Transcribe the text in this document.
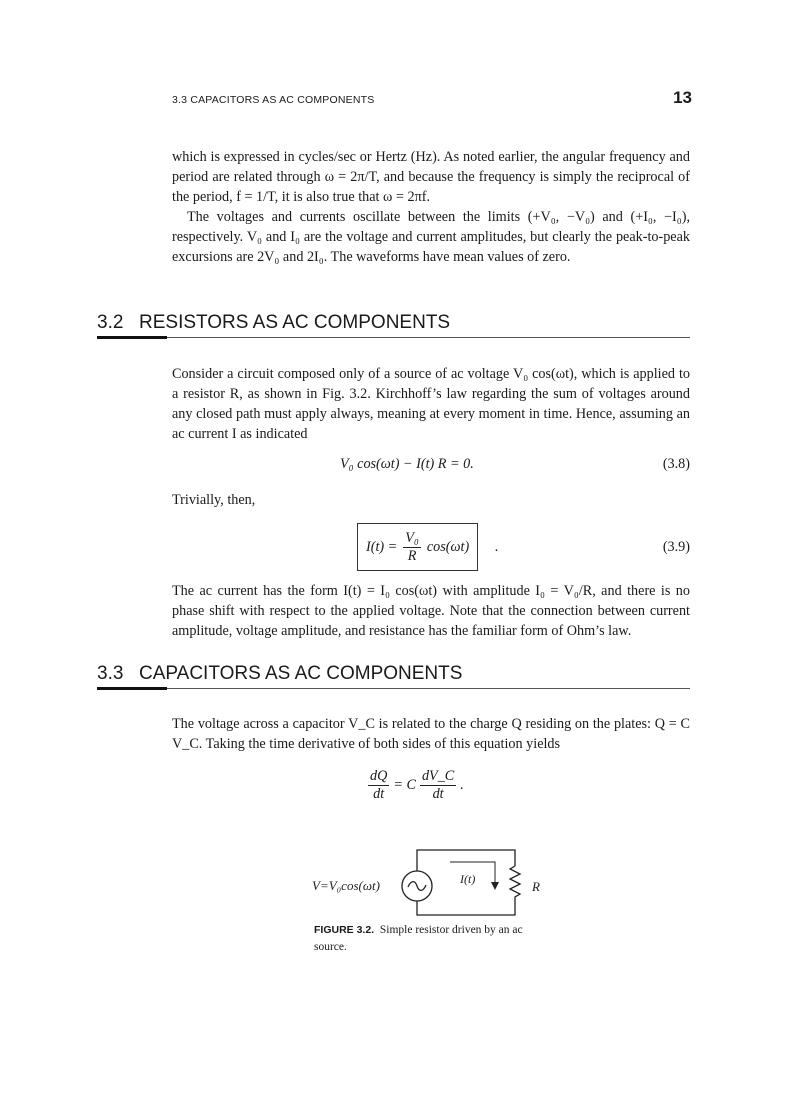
3.3 CAPACITORS AS AC COMPONENTS	13

which is expressed in cycles/sec or Hertz (Hz). As noted earlier, the angular frequency and period are related through ω = 2π/T, and because the frequency is simply the reciprocal of the period, f = 1/T, it is also true that ω = 2πf.

The voltages and currents oscillate between the limits (+V₀, −V₀) and (+I₀, −I₀), respectively. V₀ and I₀ are the voltage and current amplitudes, but clearly the peak-to-peak excursions are 2V₀ and 2I₀. The waveforms have mean values of zero.

3.2 RESISTORS AS AC COMPONENTS

Consider a circuit composed only of a source of ac voltage V₀ cos(ωt), which is applied to a resistor R, as shown in Fig. 3.2. Kirchhoff’s law regarding the sum of voltages around any closed path must apply always, meaning at every moment in time. Hence, assuming an ac current I as indicated

V₀ cos(ωt) − I(t) R = 0.	(3.8)

Trivially, then,

$I(t) = \frac{\text{V₀}}{R} \cos(\omega t)$ .	(3.9)

The ac current has the form I(t) = I₀ cos(ωt) with amplitude I₀ = V₀/R, and there is no phase shift with respect to the applied voltage. Note that the connection between current amplitude, voltage amplitude, and resistance has the familiar form of Ohm’s law.

3.3 CAPACITORS AS AC COMPONENTS

The voltage across a capacitor V_C is related to the charge Q residing on the plates: Q = C V_C. Taking the time derivative of both sides of this equation yields

$\frac{dQ}{dt} = C \frac{dV\_C}{dt}$ .
V=V₀cos(ωt)	I(t)	R
FIGURE 3.2. Simple resistor driven by an ac source.
